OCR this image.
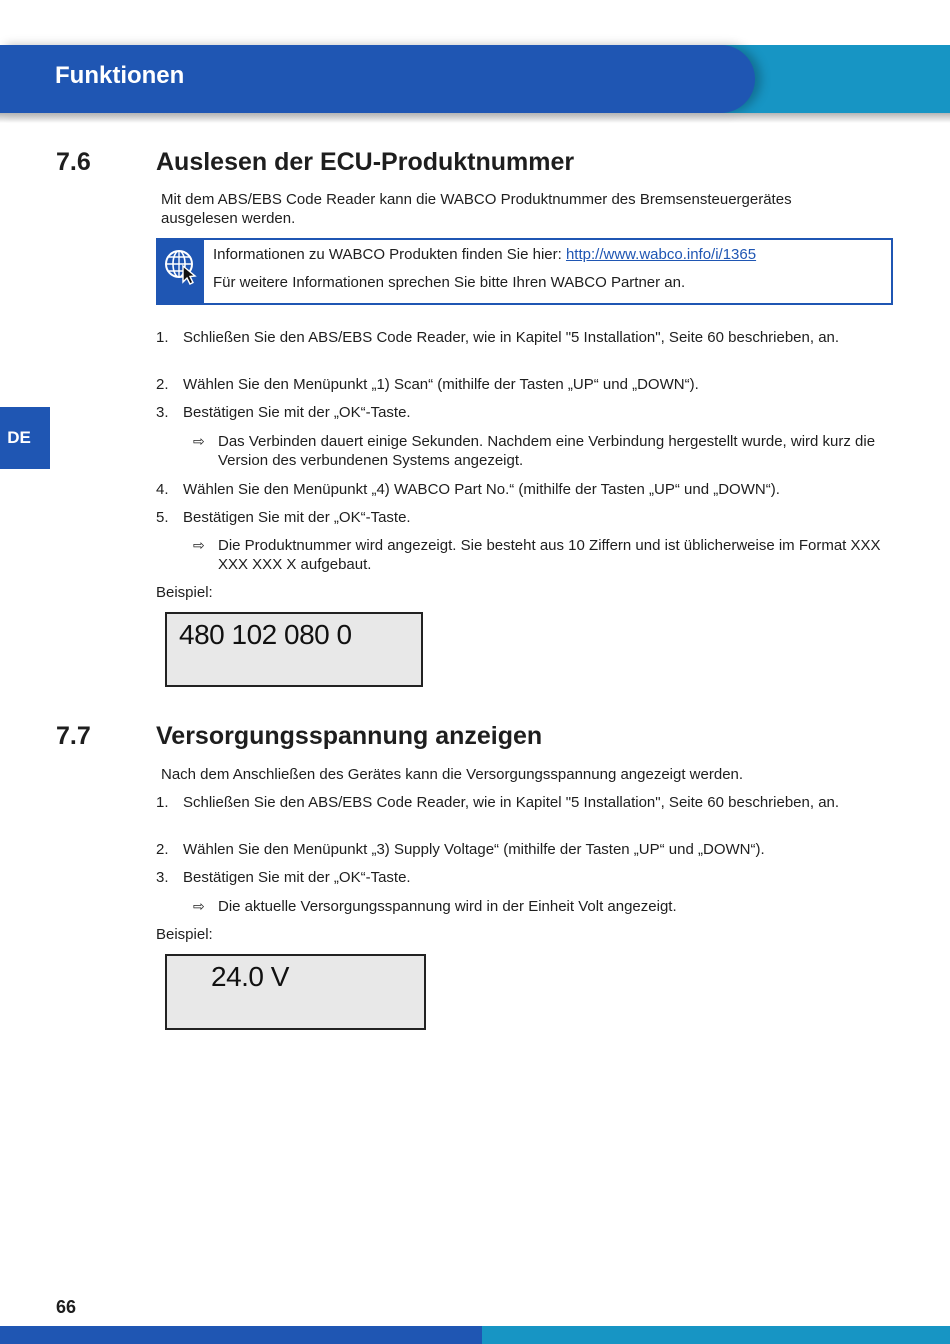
Funktionen
DE
7.6	Auslesen der ECU-Produktnummer
Mit dem ABS/EBS Code Reader kann die WABCO Produktnummer des Bremsensteuergerätes ausgelesen werden.
Informationen zu WABCO Produkten finden Sie hier: http://www.wabco.info/i/1365
Für weitere Informationen sprechen Sie bitte Ihren WABCO Partner an.
1. Schließen Sie den ABS/EBS Code Reader, wie in Kapitel "5 Installation", Seite 60 beschrieben, an.
2. Wählen Sie den Menüpunkt „1) Scan“ (mithilfe der Tasten „UP“ und „DOWN“).
3. Bestätigen Sie mit der „OK“-Taste.
⇨ Das Verbinden dauert einige Sekunden. Nachdem eine Verbindung hergestellt wurde, wird kurz die Version des verbundenen Systems angezeigt.
4. Wählen Sie den Menüpunkt „4) WABCO Part No.“ (mithilfe der Tasten „UP“ und „DOWN“).
5. Bestätigen Sie mit der „OK“-Taste.
⇨ Die Produktnummer wird angezeigt. Sie besteht aus 10 Ziffern und ist üblicherweise im Format XXX XXX XXX X aufgebaut.
Beispiel:
480 102 080 0
7.7	Versorgungsspannung anzeigen
Nach dem Anschließen des Gerätes kann die Versorgungsspannung angezeigt werden.
1. Schließen Sie den ABS/EBS Code Reader, wie in Kapitel "5 Installation", Seite 60 beschrieben, an.
2. Wählen Sie den Menüpunkt „3) Supply Voltage“ (mithilfe der Tasten „UP“ und „DOWN“).
3. Bestätigen Sie mit der „OK“-Taste.
⇨ Die aktuelle Versorgungsspannung wird in der Einheit Volt angezeigt.
Beispiel:
24.0 V
66
